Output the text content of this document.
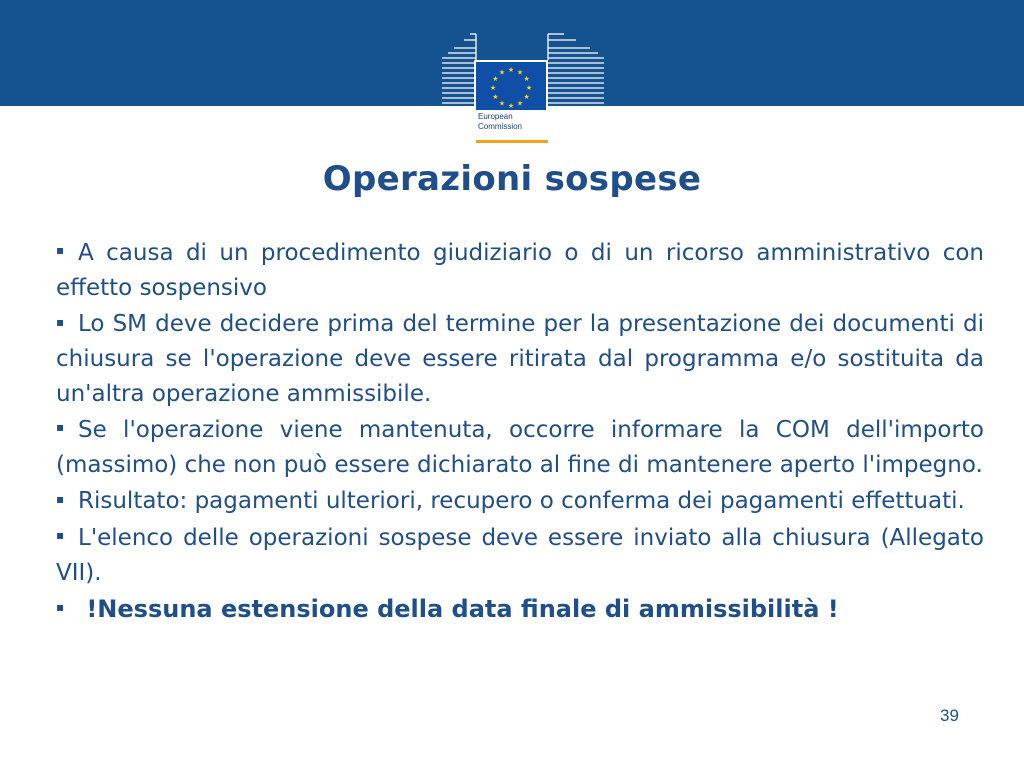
★ ★
★
★
★
★
★
★
★
★
★
★
European
Commission
Operazioni sospese
▪ A causa di un procedimento giudiziario o di un ricorso amministrativo con effetto sospensivo
▪ Lo SM deve decidere prima del termine per la presentazione dei documenti di chiusura se l'operazione deve essere ritirata dal programma e/o sostituita da un'altra operazione ammissibile.
▪ Se l'operazione viene mantenuta, occorre informare la COM dell'importo (massimo) che non può essere dichiarato al fine di mantenere aperto l'impegno.
▪ Risultato: pagamenti ulteriori, recupero o conferma dei pagamenti effettuati.
▪ L'elenco delle operazioni sospese deve essere inviato alla chiusura (Allegato VII).
▪ !Nessuna estensione della data finale di ammissibilità !
39
